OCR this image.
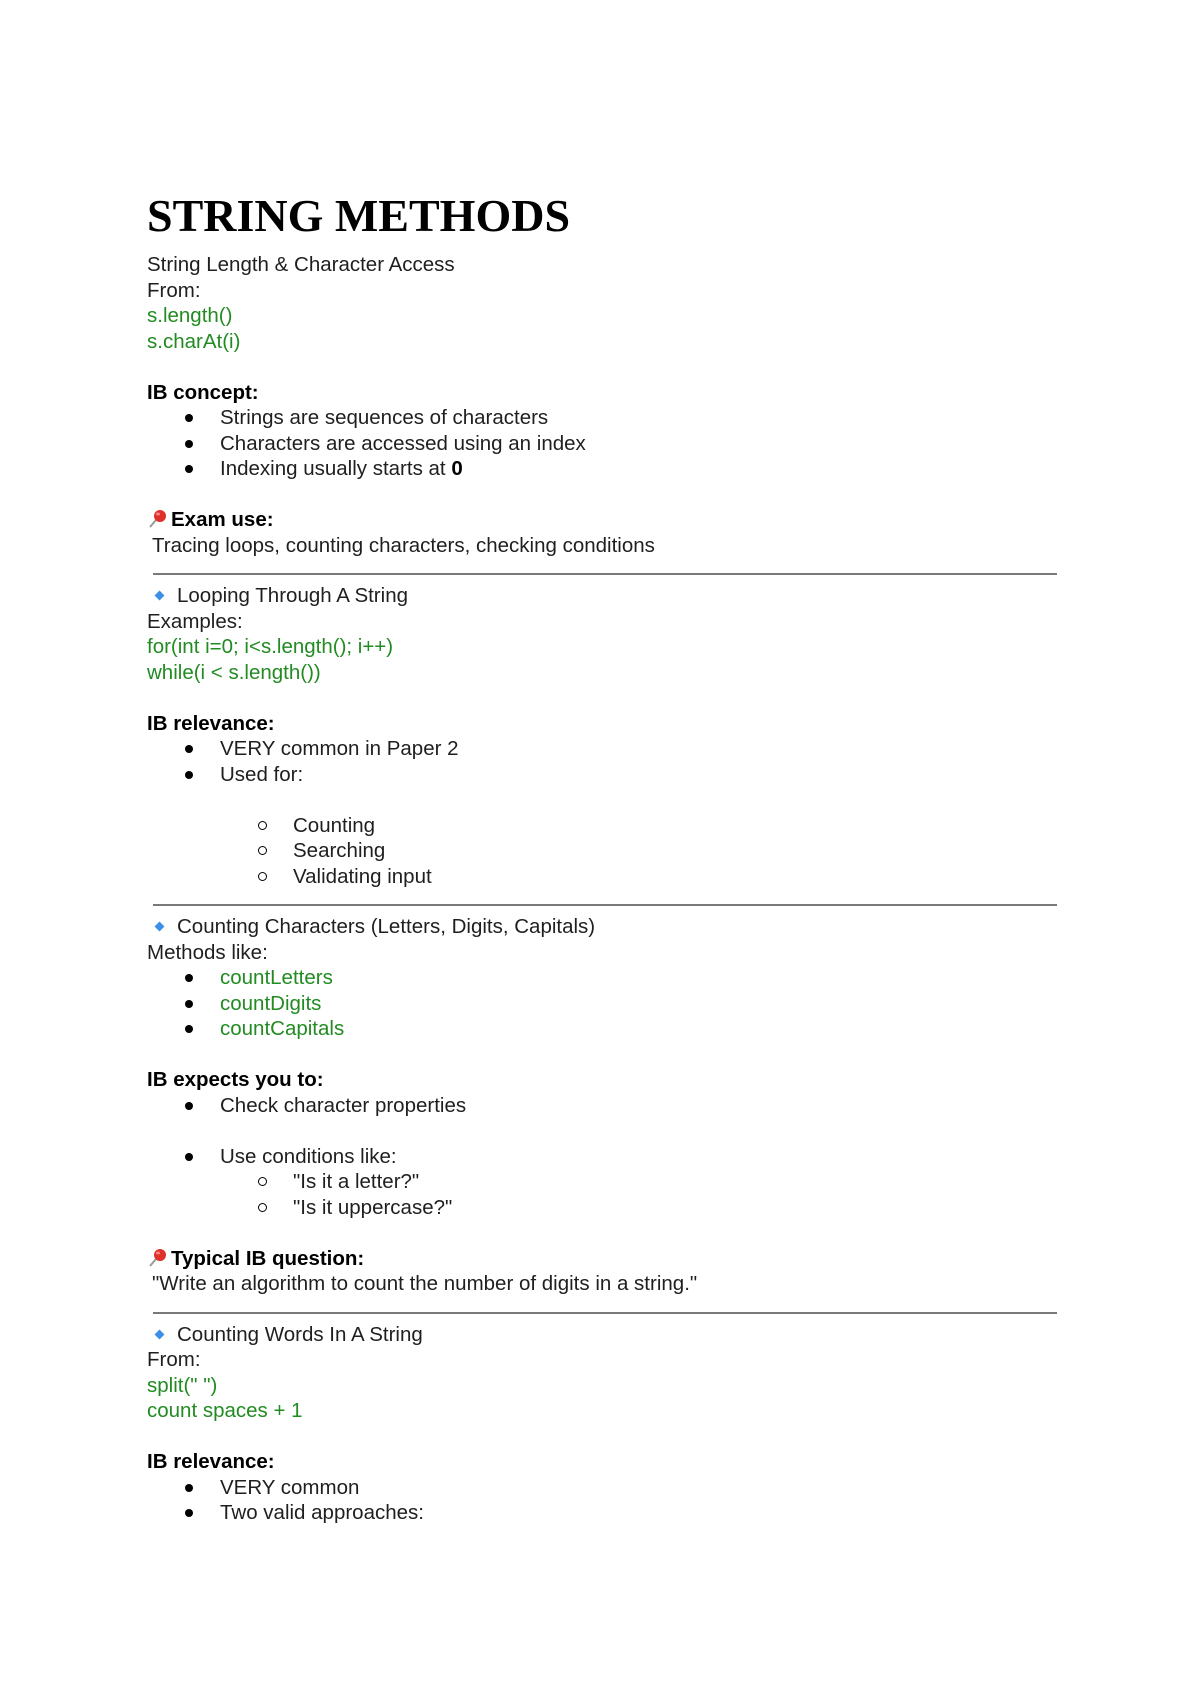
STRING METHODS

String Length & Character Access

From:

s.length()

s.charAt(i)

IB concept:

Strings are sequences of characters
Characters are accessed using an index
Indexing usually starts at 0

Exam use:

Tracing loops, counting characters, checking conditions

Looping Through A String

Examples:

for(int i=0; i<s.length(); i++)

while(i < s.length())

IB relevance:

VERY common in Paper 2
Used for:
Counting
Searching
Validating input

Counting Characters (Letters, Digits, Capitals)

Methods like:

countLetters
countDigits
countCapitals

IB expects you to:

Check character properties
Use conditions like:
"Is it a letter?"
"Is it uppercase?"

Typical IB question:

"Write an algorithm to count the number of digits in a string."

Counting Words In A String

From:

split(" ")

count spaces + 1

IB relevance:

VERY common
Two valid approaches:
